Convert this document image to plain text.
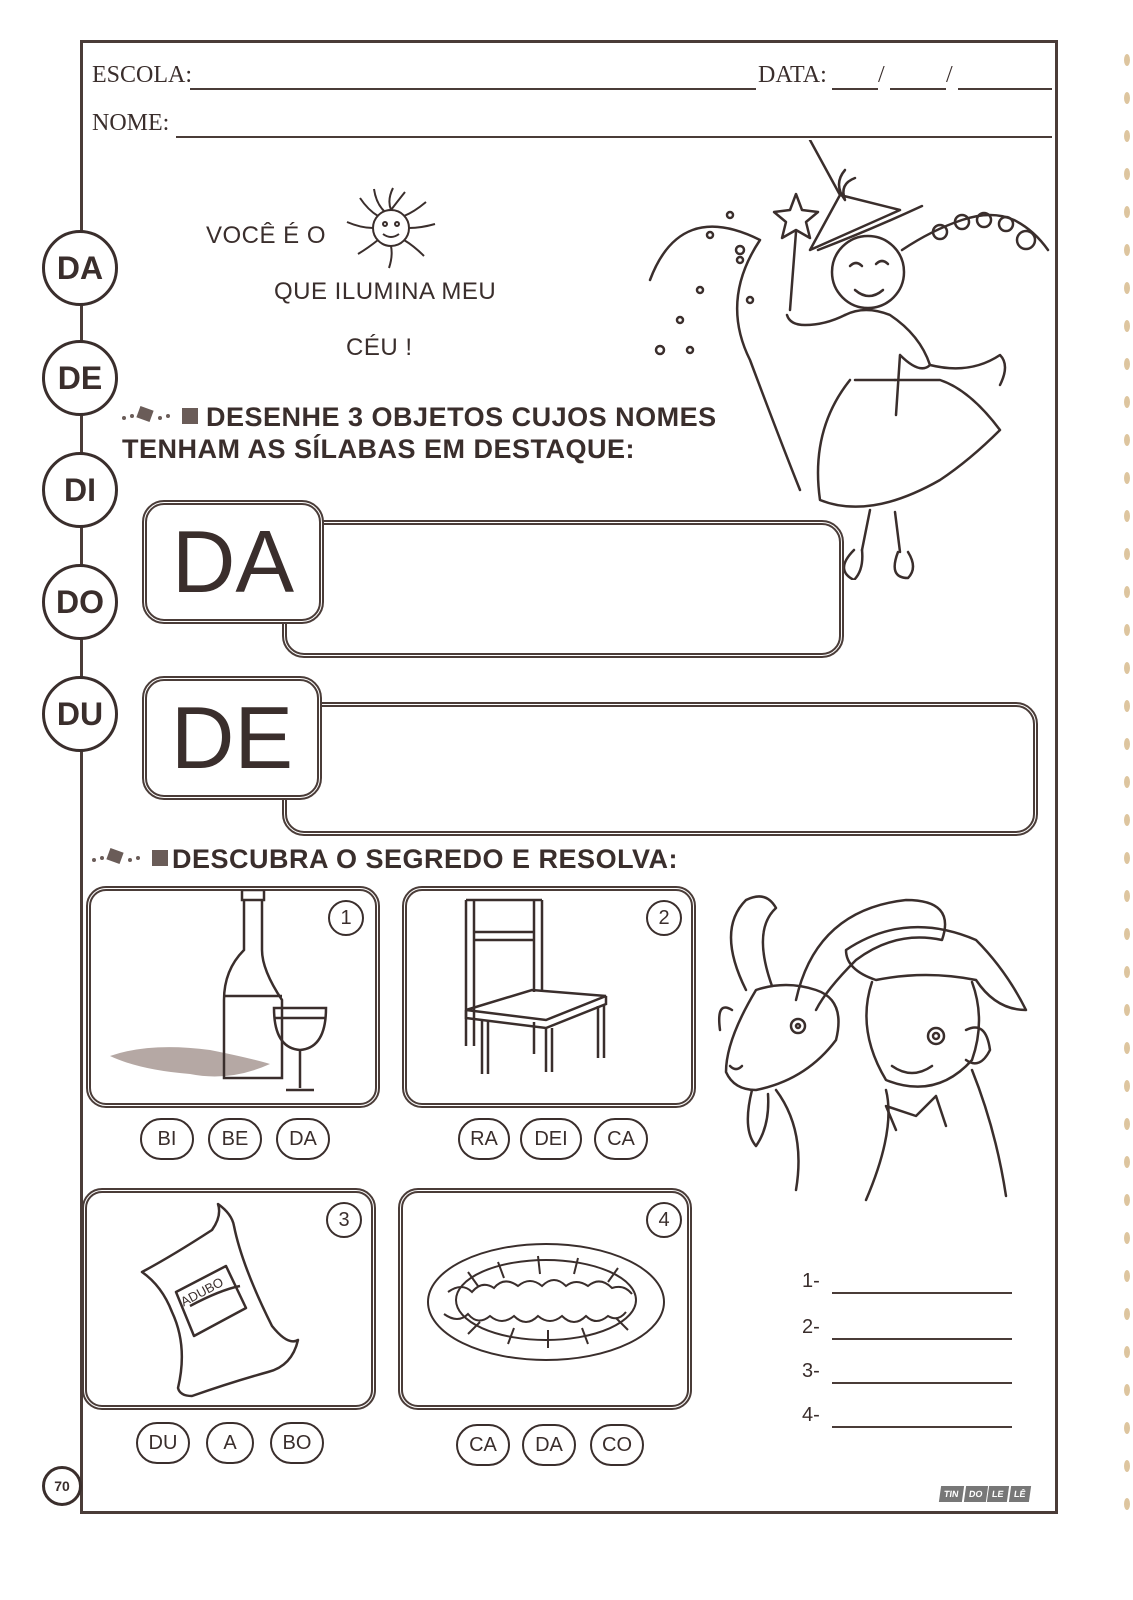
ESCOLA:	DATA: /	/
NOME:
DA
DE
DI
DO
DU
VOCÊ É O
QUE ILUMINA MEU
CÉU !
DESENHE 3 OBJETOS CUJOS NOMES
TENHAM AS SÍLABAS EM DESTAQUE:
DA
DE
DESCUBRA O SEGREDO E RESOLVA:
1
BI	BE	DA
2
RA	DEI	CA
3
ADUBO
DU	A	BO
4
CA	DA	CO
1-
2-
3-
4-
70	TIN DO LE LÊ
